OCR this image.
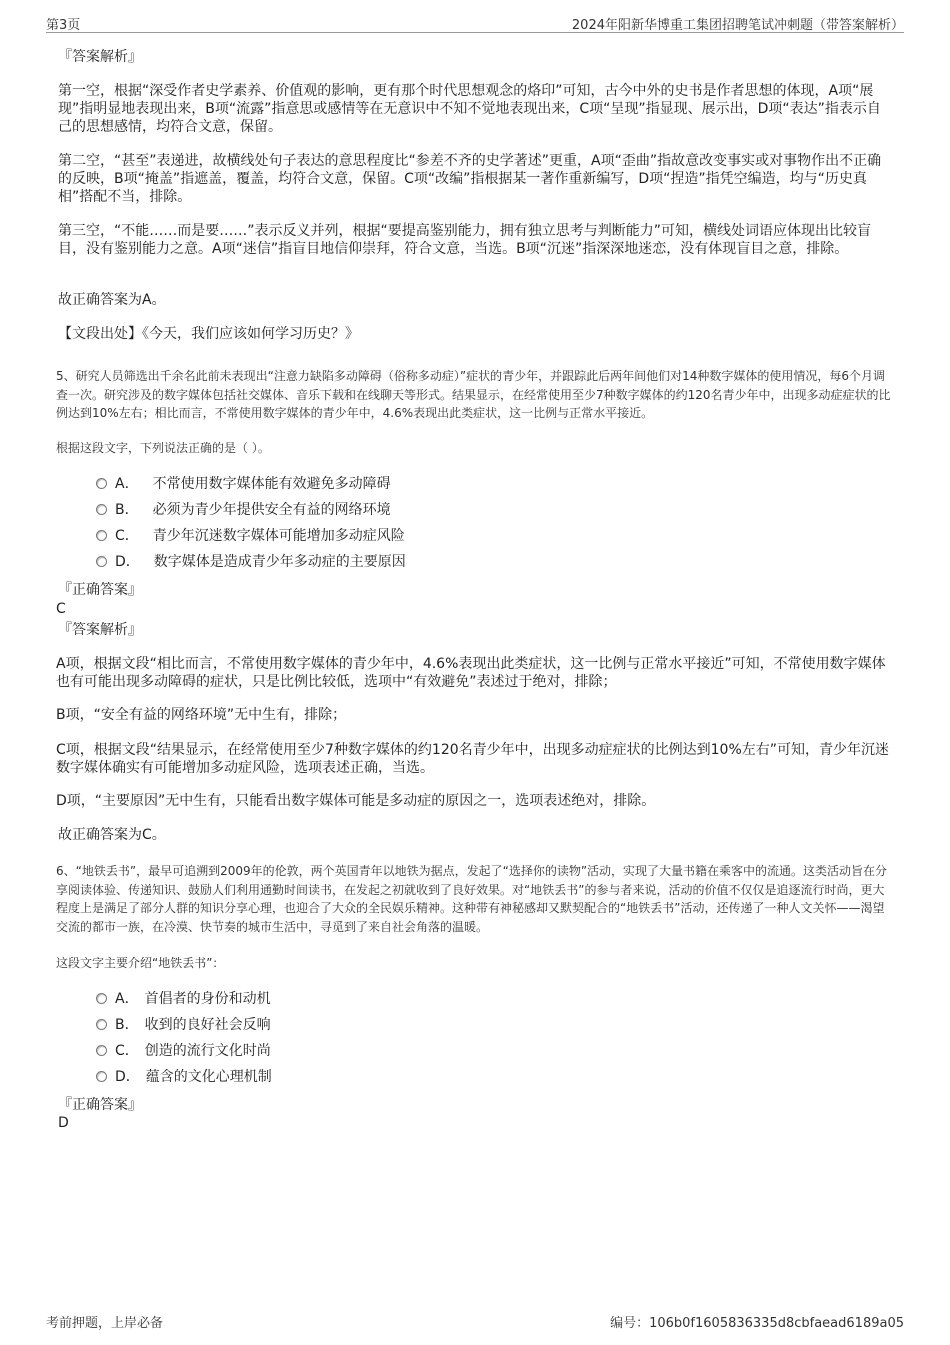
第3页	2024年阳新华博重工集团招聘笔试冲刺题（带答案解析）
『答案解析』

第一空，根据“深受作者史学素养、价值观的影响，更有那个时代思想观念的烙印”可知，古今中外的史书是作者思想的体现，A项“展现”指明显地表现出来，B项“流露”指意思或感情等在无意识中不知不觉地表现出来，C项“呈现”指显现、展示出，D项“表达”指表示自己的思想感情，均符合文意，保留。

第二空，“甚至”表递进，故横线处句子表达的意思程度比“参差不齐的史学著述”更重，A项“歪曲”指故意改变事实或对事物作出不正确的反映，B项“掩盖”指遮盖，覆盖，均符合文意，保留。C项“改编”指根据某一著作重新编写，D项“捏造”指凭空编造，均与“历史真相”搭配不当，排除。

第三空，“不能……而是要……”表示反义并列，根据“要提高鉴别能力，拥有独立思考与判断能力”可知，横线处词语应体现出比较盲目，没有鉴别能力之意。A项“迷信”指盲目地信仰崇拜，符合文意，当选。B项“沉迷”指深深地迷恋，没有体现盲目之意，排除。

故正确答案为A。

【文段出处】《今天，我们应该如何学习历史？》

5、研究人员筛选出千余名此前未表现出“注意力缺陷多动障碍（俗称多动症）”症状的青少年，并跟踪此后两年间他们对14种数字媒体的使用情况，每6个月调查一次。研究涉及的数字媒体包括社交媒体、音乐下载和在线聊天等形式。结果显示，在经常使用至少7种数字媒体的约120名青少年中，出现多动症症状的比例达到10%左右；相比而言，不常使用数字媒体的青少年中，4.6%表现出此类症状，这一比例与正常水平接近。

根据这段文字，下列说法正确的是（ ）。

A． 不常使用数字媒体能有效避免多动障碍
B． 必须为青少年提供安全有益的网络环境
C． 青少年沉迷数字媒体可能增加多动症风险
D． 数字媒体是造成青少年多动症的主要原因
『正确答案』
C
『答案解析』

A项，根据文段“相比而言，不常使用数字媒体的青少年中，4.6%表现出此类症状，这一比例与正常水平接近”可知，不常使用数字媒体也有可能出现多动障碍的症状，只是比例比较低，选项中“有效避免”表述过于绝对，排除；

B项，“安全有益的网络环境”无中生有，排除；

C项，根据文段“结果显示，在经常使用至少7种数字媒体的约120名青少年中，出现多动症症状的比例达到10%左右”可知，青少年沉迷数字媒体确实有可能增加多动症风险，选项表述正确，当选。

D项，“主要原因”无中生有，只能看出数字媒体可能是多动症的原因之一，选项表述绝对，排除。

故正确答案为C。

6、“地铁丢书”，最早可追溯到2009年的伦敦，两个英国青年以地铁为据点，发起了“选择你的读物”活动，实现了大量书籍在乘客中的流通。这类活动旨在分享阅读体验、传递知识、鼓励人们利用通勤时间读书，在发起之初就收到了良好效果。对“地铁丢书”的参与者来说，活动的价值不仅仅是追逐流行时尚，更大程度上是满足了部分人群的知识分享心理，也迎合了大众的全民娱乐精神。这种带有神秘感却又默契配合的“地铁丢书”活动，还传递了一种人文关怀——渴望交流的都市一族，在冷漠、快节奏的城市生活中，寻觅到了来自社会角落的温暖。

这段文字主要介绍“地铁丢书”：

A． 首倡者的身份和动机
B． 收到的良好社会反响
C． 创造的流行文化时尚
D． 蕴含的文化心理机制
『正确答案』
D
考前押题，上岸必备	编号：106b0f1605836335d8cbfaead6189a05
